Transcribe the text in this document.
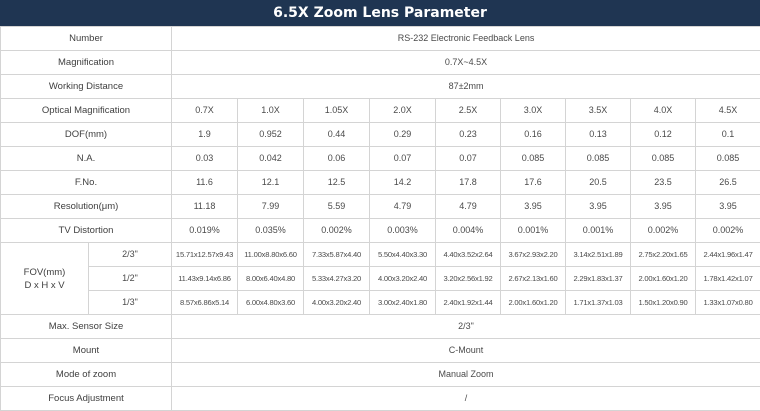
6.5X Zoom Lens Parameter
Number		RS-232 Electronic Feedback Lens								
Magnification		0.7X~4.5X								
Working Distance		87±2mm								
Optical Magnification		0.7X	1.0X	1.05X	2.0X	2.5X	3.0X	3.5X	4.0X	4.5X
DOF(mm)		1.9	0.952	0.44	0.29	0.23	0.16	0.13	0.12	0.1
N.A.		0.03	0.042	0.06	0.07	0.07	0.085	0.085	0.085	0.085
F.No.		11.6	12.1	12.5	14.2	17.8	17.6	20.5	23.5	26.5
Resolution(μm)		11.18	7.99	5.59	4.79	4.79	3.95	3.95	3.95	3.95
TV Distortion		0.019%	0.035%	0.002%	0.003%	0.004%	0.001%	0.001%	0.002%	0.002%

FOV(mm)
D x H x V	2/3"	15.71x12.57x9.43	11.00x8.80x6.60	7.33x5.87x4.40	5.50x4.40x3.30	4.40x3.52x2.64	3.67x2.93x2.20	3.14x2.51x1.89	2.75x2.20x1.65	2.44x1.96x1.47
	1/2"	11.43x9.14x6.86	8.00x6.40x4.80	5.33x4.27x3.20	4.00x3.20x2.40	3.20x2.56x1.92	2.67x2.13x1.60	2.29x1.83x1.37	2.00x1.60x1.20	1.78x1.42x1.07
	1/3"	8.57x6.86x5.14	6.00x4.80x3.60	4.00x3.20x2.40	3.00x2.40x1.80	2.40x1.92x1.44	2.00x1.60x1.20	1.71x1.37x1.03	1.50x1.20x0.90	1.33x1.07x0.80
Max. Sensor Size		2/3"								
Mount		C-Mount								
Mode of zoom		Manual Zoom								
Focus Adjustment		/								
